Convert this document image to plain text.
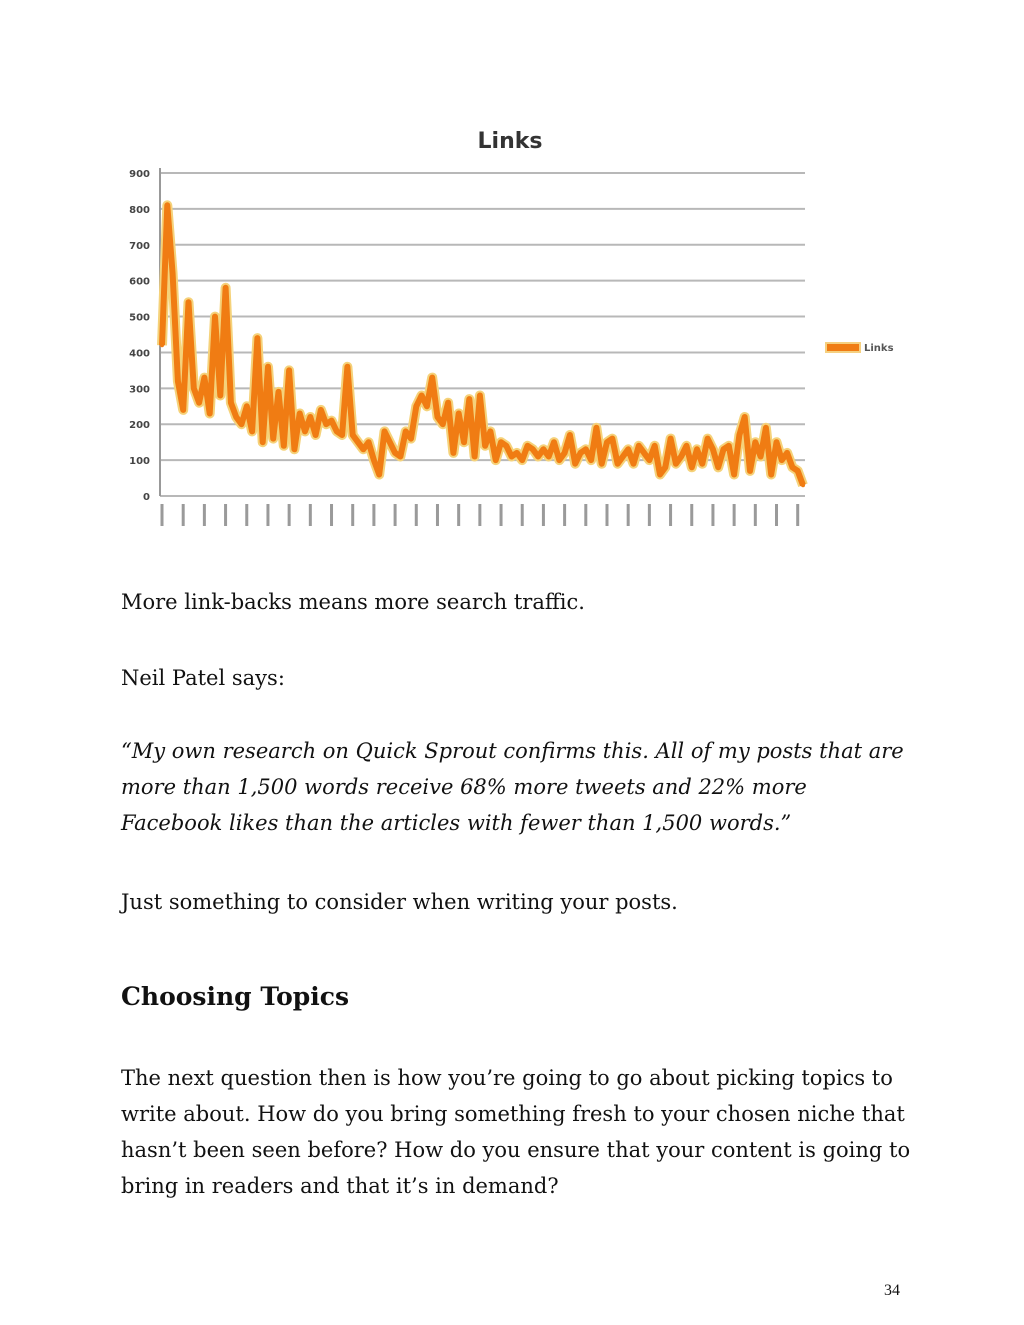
Links
0
100
200
300
400
500
600
700
800
900
Links

More link-backs means more search traffic.

Neil Patel says:

“My own research on Quick Sprout confirms this. All of my posts that are more than 1,500 words receive 68% more tweets and 22% more Facebook likes than the articles with fewer than 1,500 words.”

Just something to consider when writing your posts.

Choosing Topics

The next question then is how you’re going to go about picking topics to write about. How do you bring something fresh to your chosen niche that hasn’t been seen before? How do you ensure that your content is going to bring in readers and that it’s in demand?

34
